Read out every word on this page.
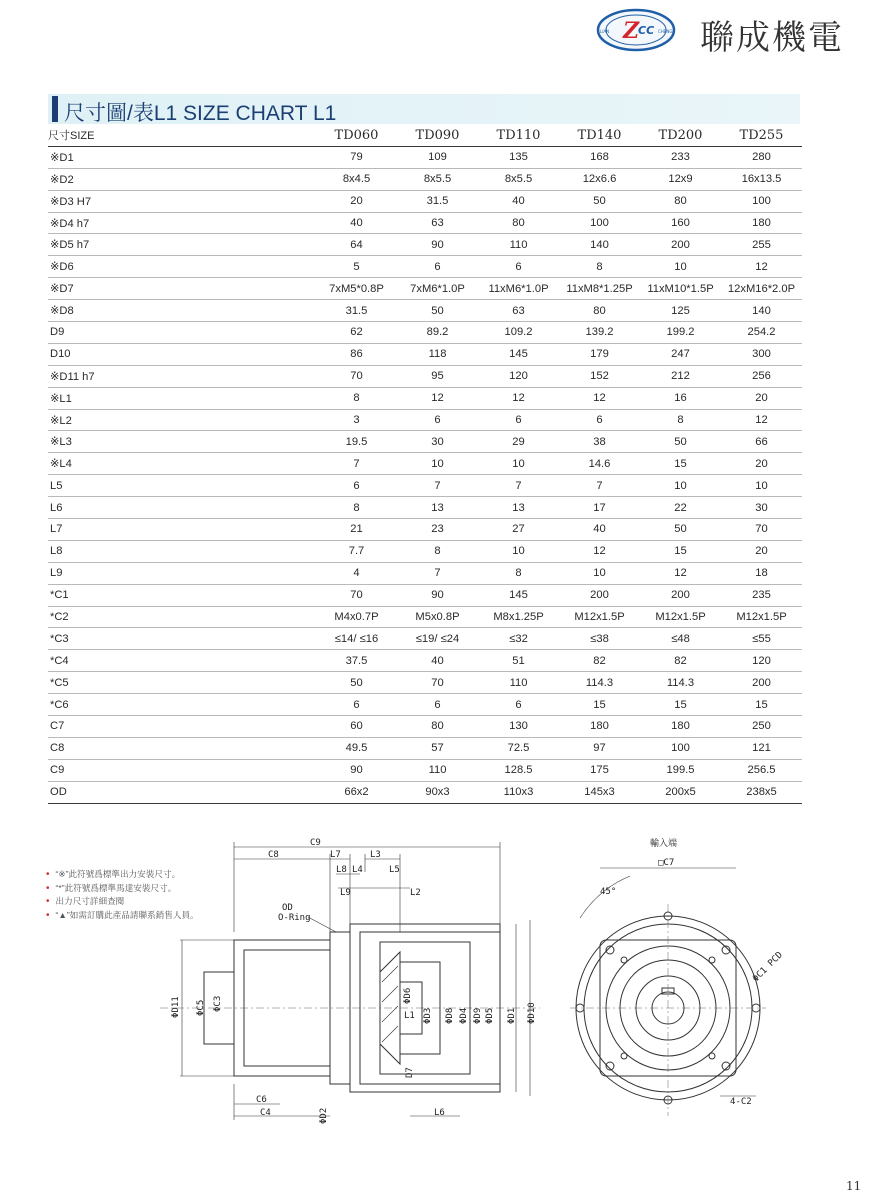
Z
CC
LIAN	CHENG 聯成機電
尺寸圖/表L1 SIZE CHART L1
尺寸SIZE	TD060	TD090	TD110	TD140	TD200	TD255
※D1	79	109	135	168	233	280
※D2	8x4.5	8x5.5	8x5.5	12x6.6	12x9	16x13.5
※D3 H7	20	31.5	40	50	80	100
※D4 h7	40	63	80	100	160	180
※D5 h7	64	90	110	140	200	255
※D6	5	6	6	8	10	12
※D7	7xM5*0.8P	7xM6*1.0P	11xM6*1.0P	11xM8*1.25P	11xM10*1.5P	12xM16*2.0P
※D8	31.5	50	63	80	125	140
D9	62	89.2	109.2	139.2	199.2	254.2
D10	86	118	145	179	247	300
※D11 h7	70	95	120	152	212	256
※L1	8	12	12	12	16	20
※L2	3	6	6	6	8	12
※L3	19.5	30	29	38	50	66
※L4	7	10	10	14.6	15	20
L5	6	7	7	7	10	10
L6	8	13	13	17	22	30
L7	21	23	27	40	50	70
L8	7.7	8	10	12	15	20
L9	4	7	8	10	12	18
*C1	70	90	145	200	200	235
*C2	M4x0.7P	M5x0.8P	M8x1.25P	M12x1.5P	M12x1.5P	M12x1.5P
*C3	≤14/ ≤16	≤19/ ≤24	≤32	≤38	≤48	≤55
*C4	37.5	40	51	82	82	120
*C5	50	70	110	114.3	114.3	200
*C6	6	6	6	15	15	15
C7	60	80	130	180	180	250
C8	49.5	57	72.5	97	100	121
C9	90	110	128.5	175	199.5	256.5
OD	66x2	90x3	110x3	145x3	200x5	238x5
• “※”此符號爲標準出力安裝尺寸。
• “*”此符號爲標準馬達安裝尺寸。
• 出力尺寸詳細查閱
• “▲”如需訂購此產品請聯系銷售人員。
C9
C8	L7	L3
L8 L4	L5
L9	L2
OD
O-Ring
ΦD11 ΦC5 ΦC3	ΦD6
ΦD3 ΦD8 ΦD4 ΦD9 ΦD5 ΦD1 ΦD10
L1
D7
C6
C4	ΦD2	L6
輸入端
□C7
45°
ΦC1 PCD
4-C2
11
